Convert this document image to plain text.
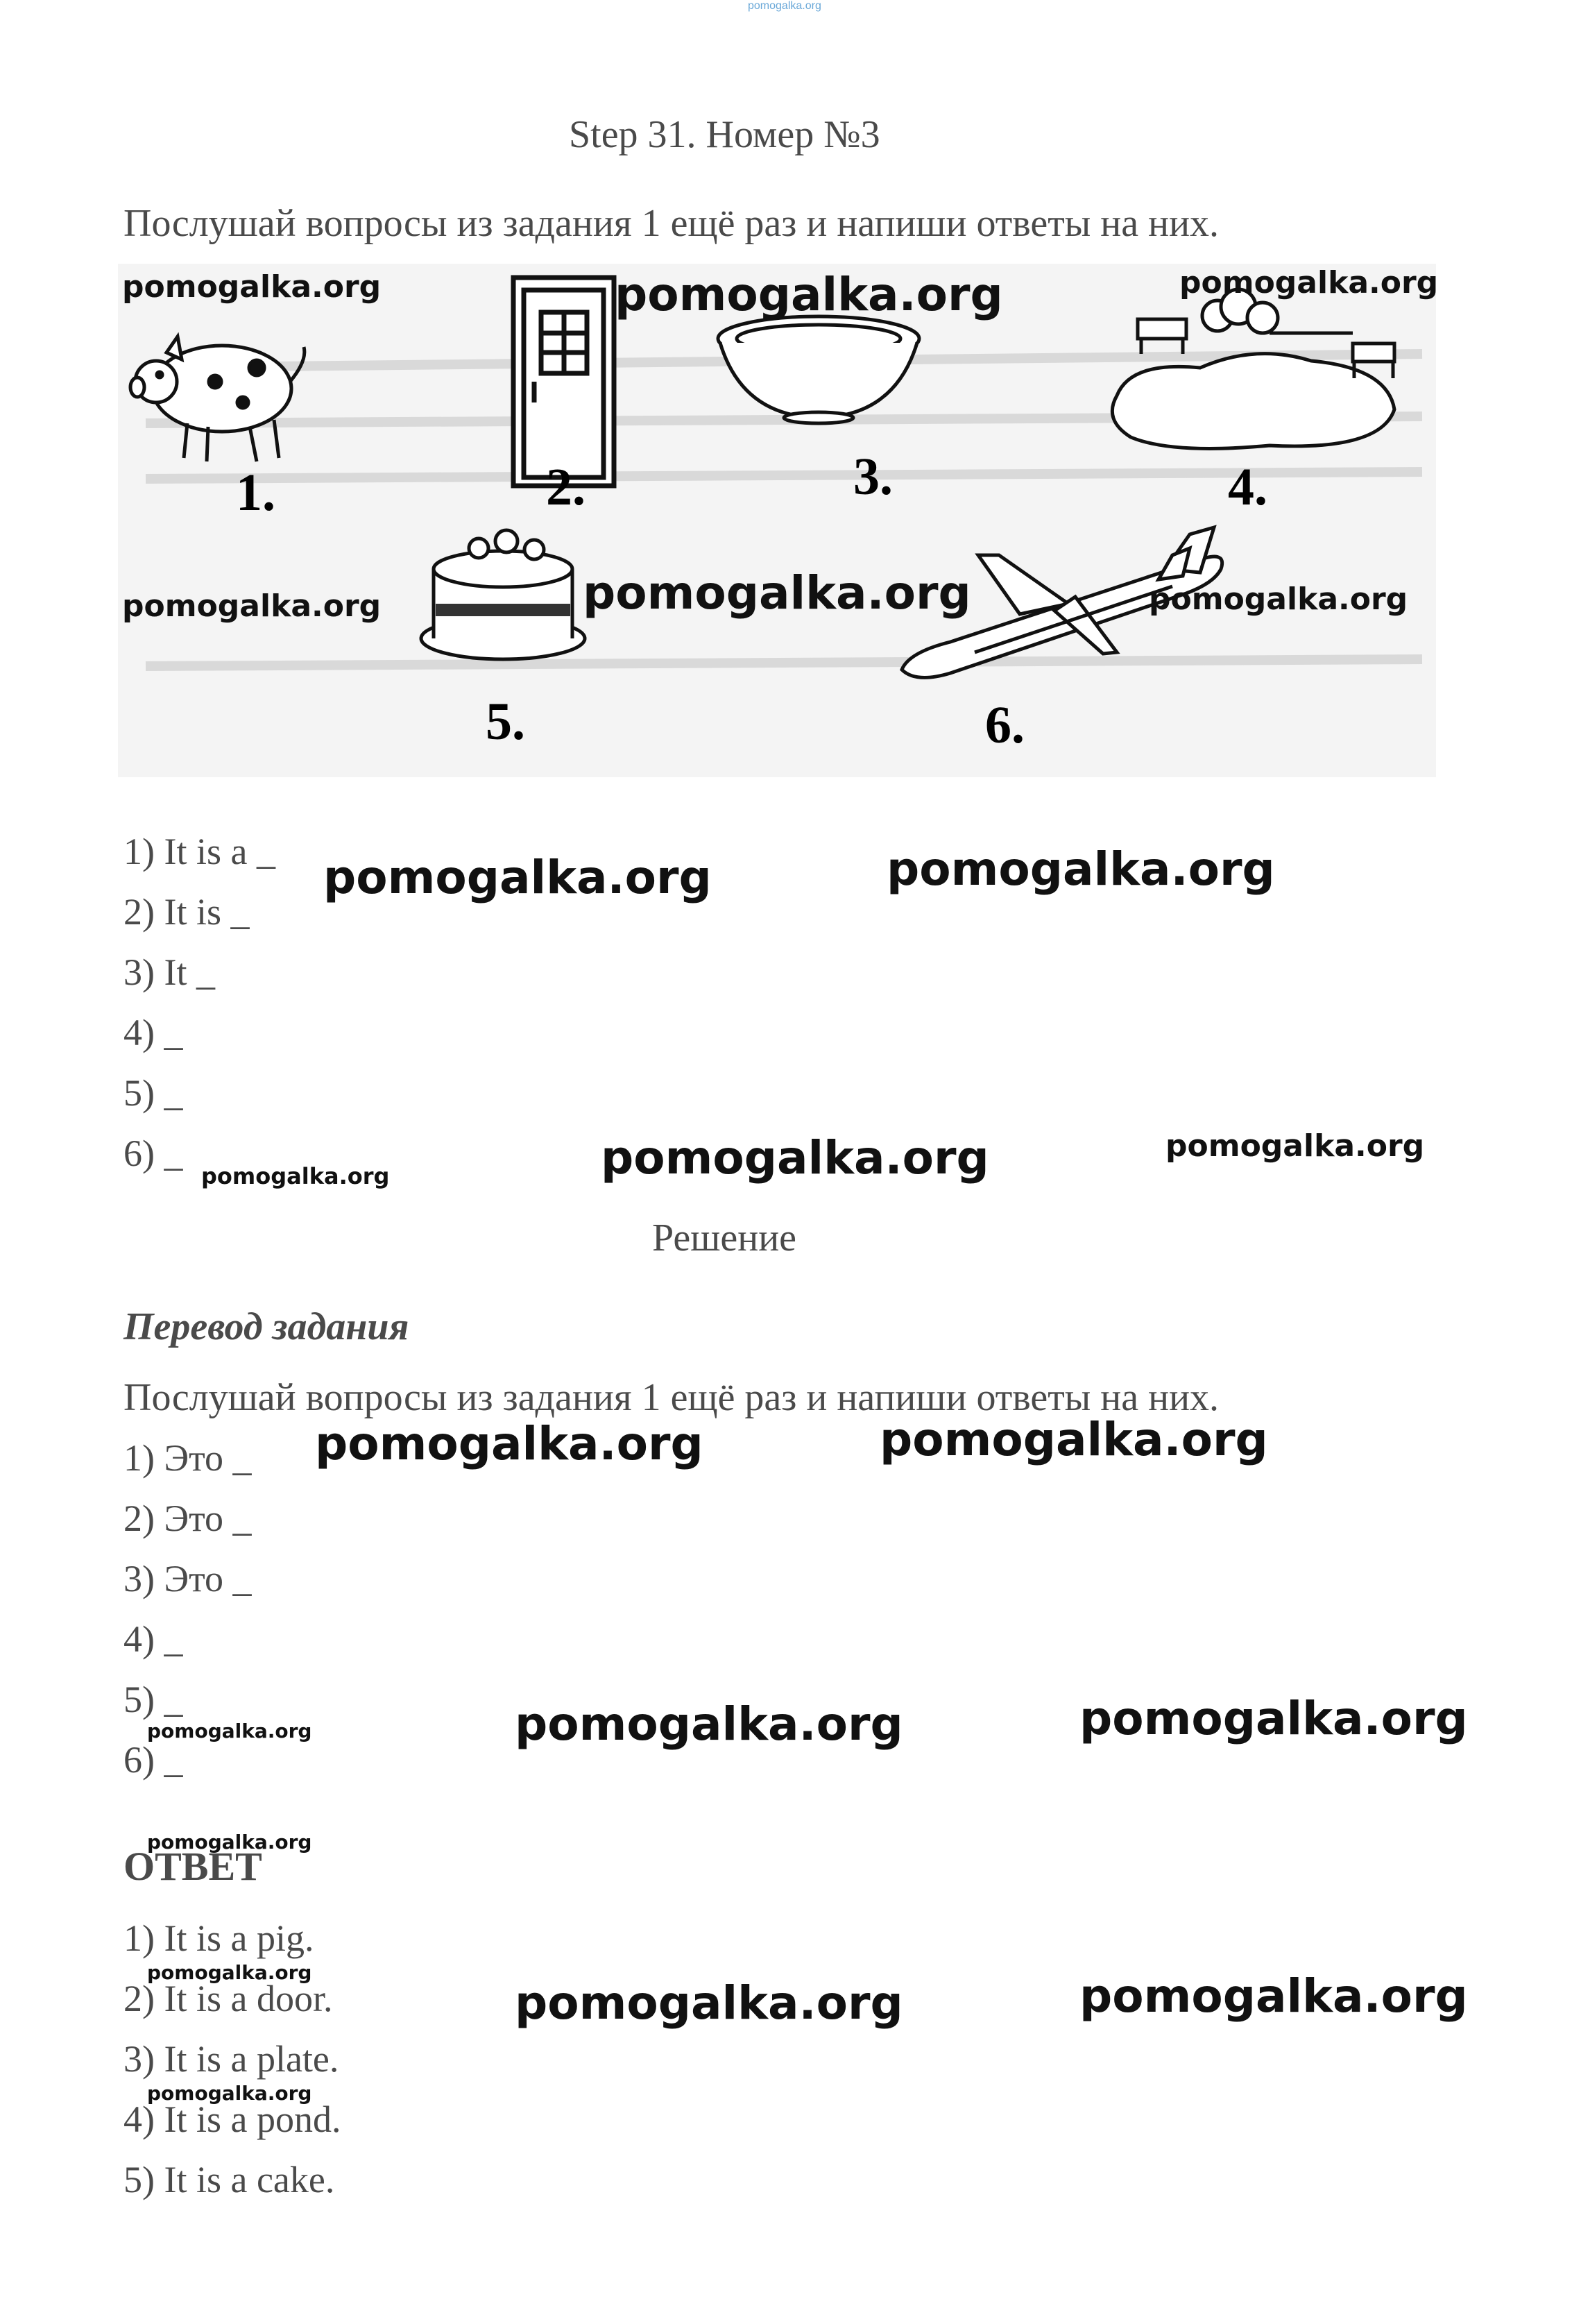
pomogalka.org
Step 31. Номер №3
Послушай вопросы из задания 1 ещё раз и напиши ответы на них.
1.	2.	3.	4.
5.	6.
pomogalka.org	pomogalka.org	pomogalka.org
pomogalka.org	pomogalka.org	pomogalka.org
1) It is a _
2) It is _
3) It _
4) _
5) _
6) _
pomogalka.org	pomogalka.org
pomogalka.org	pomogalka.org	pomogalka.org
Решение
Перевод задания
Послушай вопросы из задания 1 ещё раз и напиши ответы на них.
1) Это _
2) Это _
3) Это _
4) _
5) _
6) _
pomogalka.org	pomogalka.org
pomogalka.org	pomogalka.org	pomogalka.org
pomogalka.org
ОТВЕТ
1) It is a pig.
2) It is a door.
3) It is a plate.
4) It is a pond.
5) It is a cake.
pomogalka.org
pomogalka.org	pomogalka.org
pomogalka.org
